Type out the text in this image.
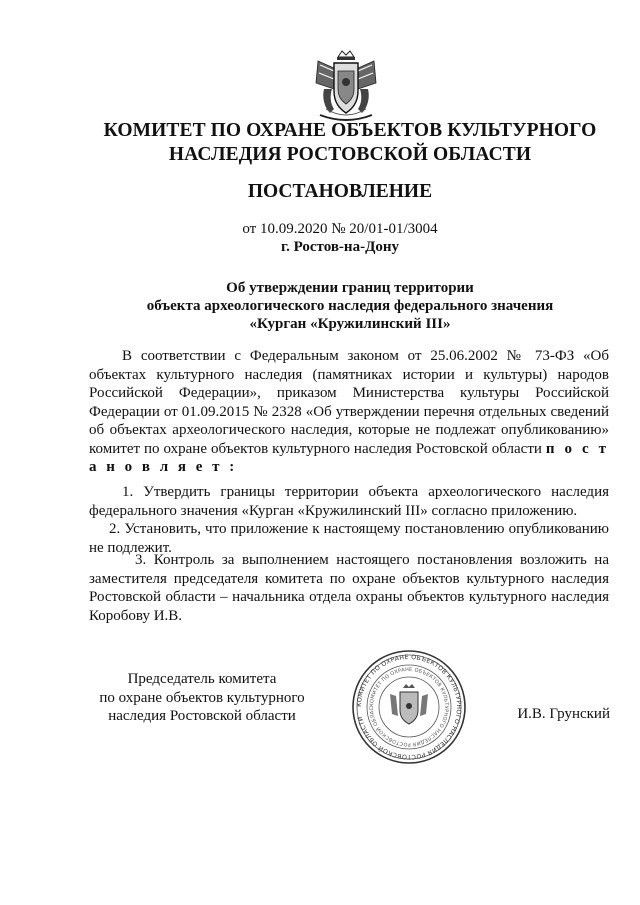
КОМИТЕТ ПО ОХРАНЕ ОБЪЕКТОВ КУЛЬТУРНОГО
НАСЛЕДИЯ РОСТОВСКОЙ ОБЛАСТИ
ПОСТАНОВЛЕНИЕ
от 10.09.2020 № 20/01-01/3004
г. Ростов-на-Дону
Об утверждении границ территории
объекта археологического наследия федерального значения
«Курган «Кружилинский III»
В соответствии с Федеральным законом от 25.06.2002 № 73-ФЗ «Об объектах культурного наследия (памятниках истории и культуры) народов Российской Федерации», приказом Министерства культуры Российской Федерации от 01.09.2015 № 2328 «Об утверждении перечня отдельных сведений об объектах археологического наследия, которые не подлежат опубликованию» комитет по охране объектов культурного наследия Ростовской области п о с т а н о в л я е т :
1. Утвердить границы территории объекта археологического наследия федерального значения «Курган «Кружилинский III» согласно приложению.
2. Установить, что приложение к настоящему постановлению опубликованию не подлежит.
3. Контроль за выполнением настоящего постановления возложить на заместителя председателя комитета по охране объектов культурного наследия Ростовской области – начальника отдела охраны объектов культурного наследия Коробову И.В.
Председатель комитета
по охране объектов культурного
наследия Ростовской области
КОМИТЕТ ПО ОХРАНЕ ОБЪЕКТОВ КУЛЬТУРНОГО НАСЛЕДИЯ РОСТОВСКОЙ ОБЛАСТИ
КОМИТЕТ ПО ОХРАНЕ ОБЪЕКТОВ КУЛЬТУРНОГО НАСЛЕДИЯ РОСТОВСКОЙ ОБЛАС	И.В. Грунский
